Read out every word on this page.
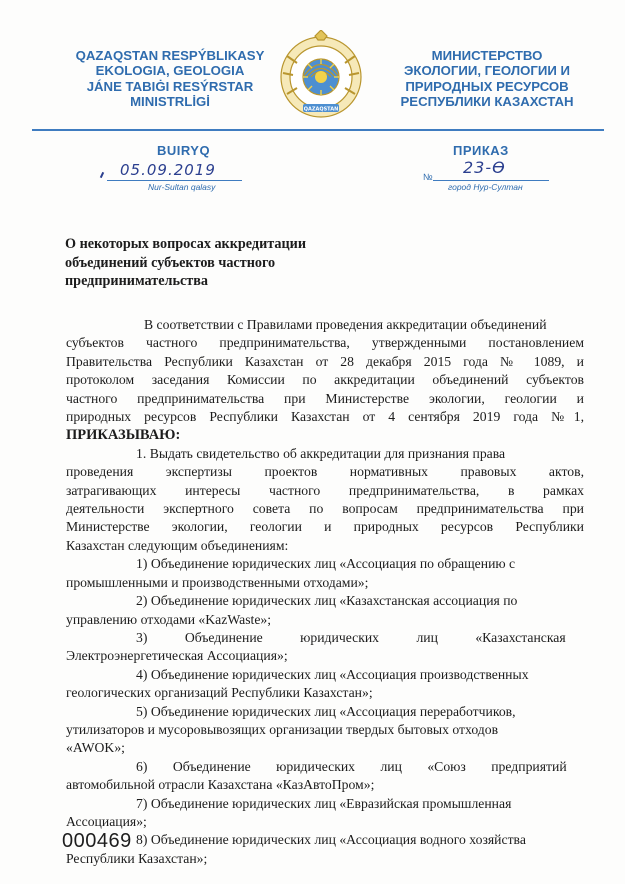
QAZAQSTAN RESPÝBLIKASY
EKOLOGIA, GEOLOGIA
JÁNE TABIĠI RESÝRSTAR
MINISTRLİGİ
QAZAQSTAN
МИНИСТЕРСТВО
ЭКОЛОГИИ, ГЕОЛОГИИ И
ПРИРОДНЫХ РЕСУРСОВ
РЕСПУБЛИКИ КАЗАХСТАН
BUIRYQ	ПРИКАЗ
05.09.2019
Nur-Sultan qalasy
№ 23-Ө
город Нур-Султан
О некоторых вопросах аккредитации
объединений субъектов частного
предпринимательства

В соответствии с Правилами проведения аккредитации объединений

субъектов частного предпринимательства, утвержденными постановлением

Правительства Республики Казахстан от 28 декабря 2015 года № 1089, и

протоколом заседания Комиссии по аккредитации объединений субъектов

частного предпринимательства при Министерстве экологии, геологии и

природных ресурсов Республики Казахстан от 4 сентября 2019 года №1,

ПРИКАЗЫВАЮ:

1. Выдать свидетельство об аккредитации для признания права

проведения экспертизы проектов нормативных правовых актов,

затрагивающих интересы частного предпринимательства, в рамках

деятельности экспертного совета по вопросам предпринимательства при

Министерстве экологии, геологии и природных ресурсов Республики

Казахстан следующим объединениям:

1) Объединение юридических лиц «Ассоциация по обращению с

промышленными и производственными отходами»;

2) Объединение юридических лиц «Казахстанская ассоциация по

управлению отходами «KazWaste»;

3) Объединение юридических лиц «Казахстанская

Электроэнергетическая Ассоциация»;

4) Объединение юридических лиц «Ассоциация производственных

геологических организаций Республики Казахстан»;

5) Объединение юридических лиц «Ассоциация переработчиков,

утилизаторов и мусоровывозящих организации твердых бытовых отходов

«AWOK»;

6) Объединение юридических лиц «Союз предприятий

автомобильной отрасли Казахстана «КазАвтоПром»;

7) Объединение юридических лиц «Евразийская промышленная

Ассоциация»;

8) Объединение юридических лиц «Ассоциация водного хозяйства

Республики Казахстан»;

000469
